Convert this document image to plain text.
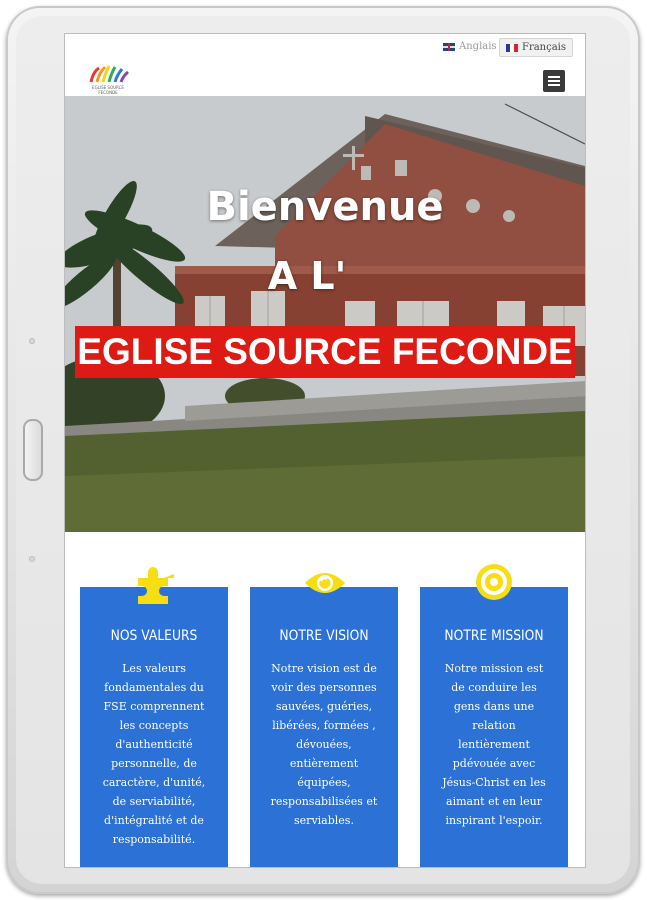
Anglais	Français
EGLISE SOURCE FECONDE
Bienvenue
A L'
EGLISE SOURCE FECONDE
NOS VALEURS

Les valeurs fondamentales du FSE comprennent les concepts d'authenticité personnelle, de caractère, d'unité, de serviabilité, d'intégralité et de responsabilité.

NOTRE VISION

Notre vision est de voir des personnes sauvées, guéries, libérées, formées , dévouées, entièrement équipées, responsabilisées et serviables.

NOTRE MISSION

Notre mission est de conduire les gens dans une relation lentièrement pdévouée avec Jésus-Christ en les aimant et en leur inspirant l'espoir.
